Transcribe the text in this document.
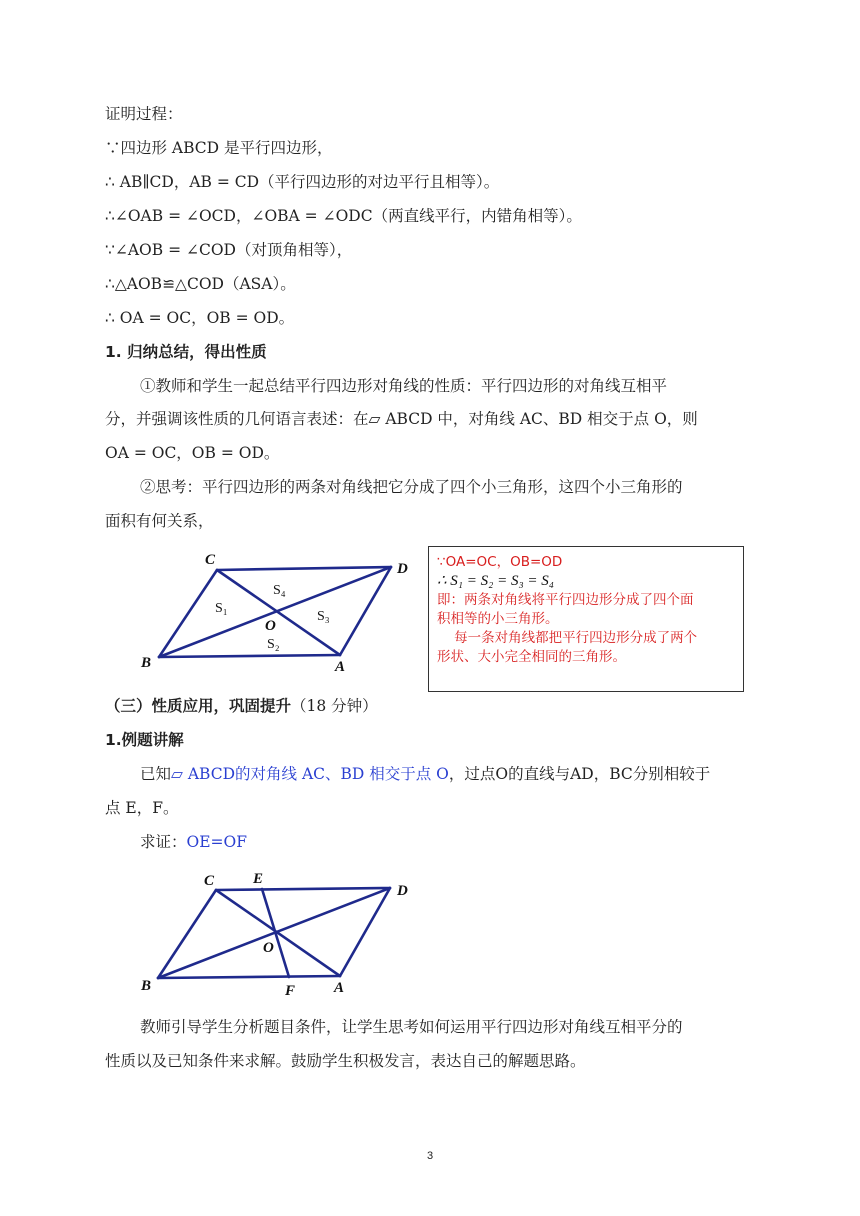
证明过程：
∵四边形 ABCD 是平行四边形，
∴ AB∥CD，AB = CD（平行四边形的对边平行且相等）。
∴∠OAB = ∠OCD，∠OBA = ∠ODC（两直线平行，内错角相等）。
∵∠AOB = ∠COD（对顶角相等），
∴△AOB≌△COD（ASA）。
∴ OA = OC，OB = OD。
1. 归纳总结，得出性质
①教师和学生一起总结平行四边形对角线的性质：平行四边形的对角线互相平
分，并强调该性质的几何语言表述：在▱ ABCD 中，对角线 AC、BD 相交于点 O，则
OA = OC，OB = OD。
②思考：平行四边形的两条对角线把它分成了四个小三角形，这四个小三角形的
面积有何关系，
C
D
B	A
O
S₁
S₄
S₃
S₂
∵OA=OC，OB=OD
∴ S₁ = S₂ = S₃ = S₄
即：两条对角线将平行四边形分成了四个面
积相等的小三角形。
每一条对角线都把平行四边形分成了两个
形状、大小完全相同的三角形。
（三）性质应用，巩固提升（18 分钟）
1.例题讲解
已知▱ ABCD的对角线 AC、BD 相交于点 O，过点O的直线与AD，BC分别相较于
点 E，F。
求证：OE=OF
C	E
D
O
B	F	A
教师引导学生分析题目条件，让学生思考如何运用平行四边形对角线互相平分的
性质以及已知条件来求解。鼓励学生积极发言，表达自己的解题思路。
3
